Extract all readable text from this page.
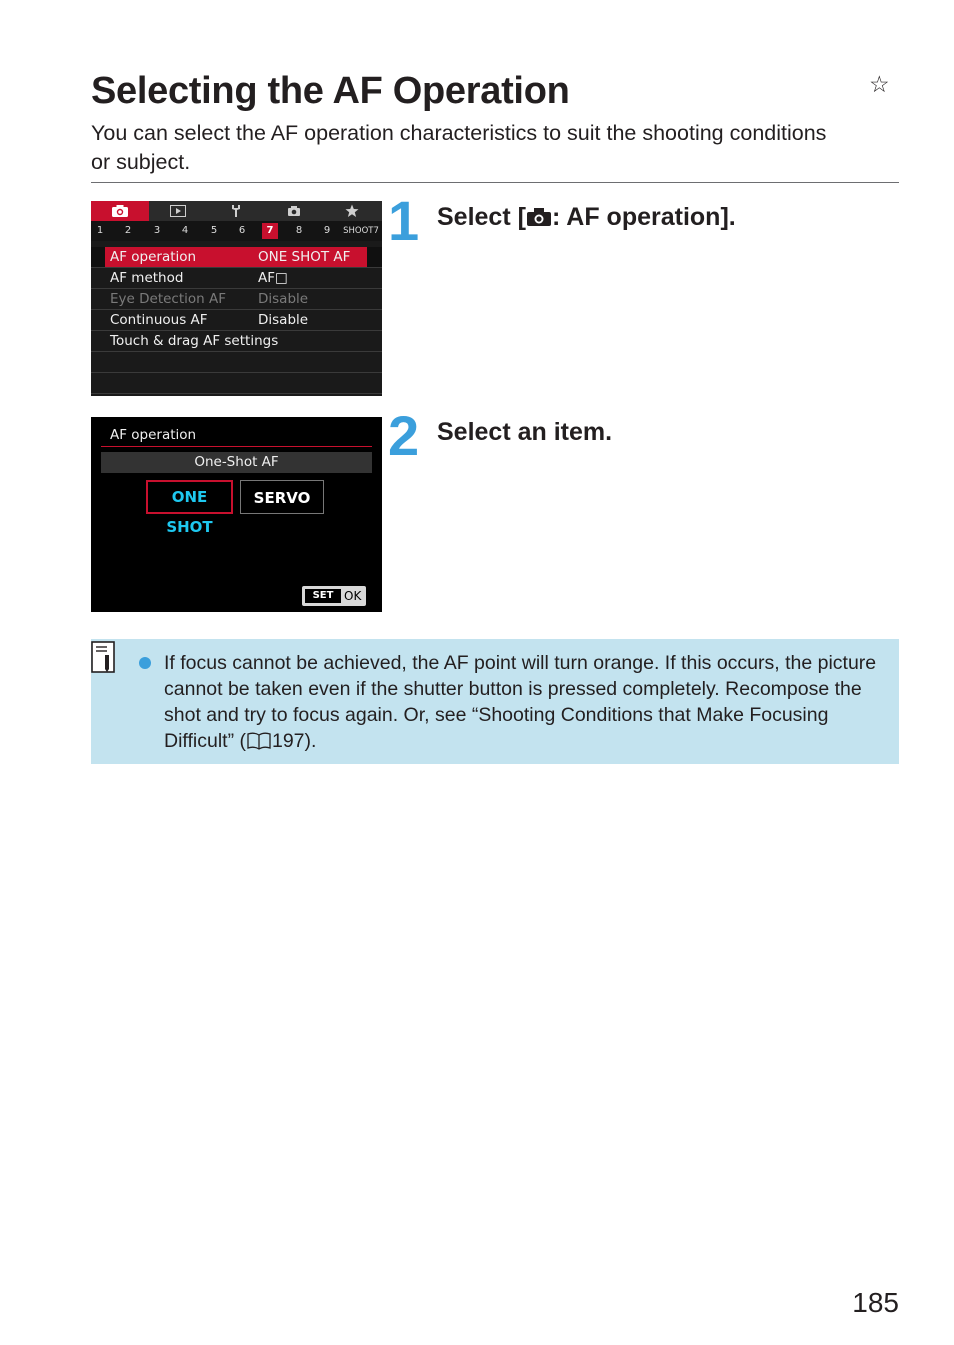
Selecting the AF Operation	☆

You can select the AF operation characteristics to suit the shooting conditions or subject.

1	2	3	4	5	6	7	8	9	SHOOT7
AF operation	ONE SHOT AF
AF method	AF□
Eye Detection AF Disable
Continuous AF	Disable
Touch & drag AF settings
1 Select [ : AF operation].
AF operation
One-Shot AF
ONE SHOT
SERVO
SET OK
2 Select an item.

If focus cannot be achieved, the AF point will turn orange. If this occurs, the picture cannot be taken even if the shutter button is pressed completely. Recompose the shot and try to focus again. Or, see “Shooting Conditions that Make Focusing Difficult” ( 197).

185
